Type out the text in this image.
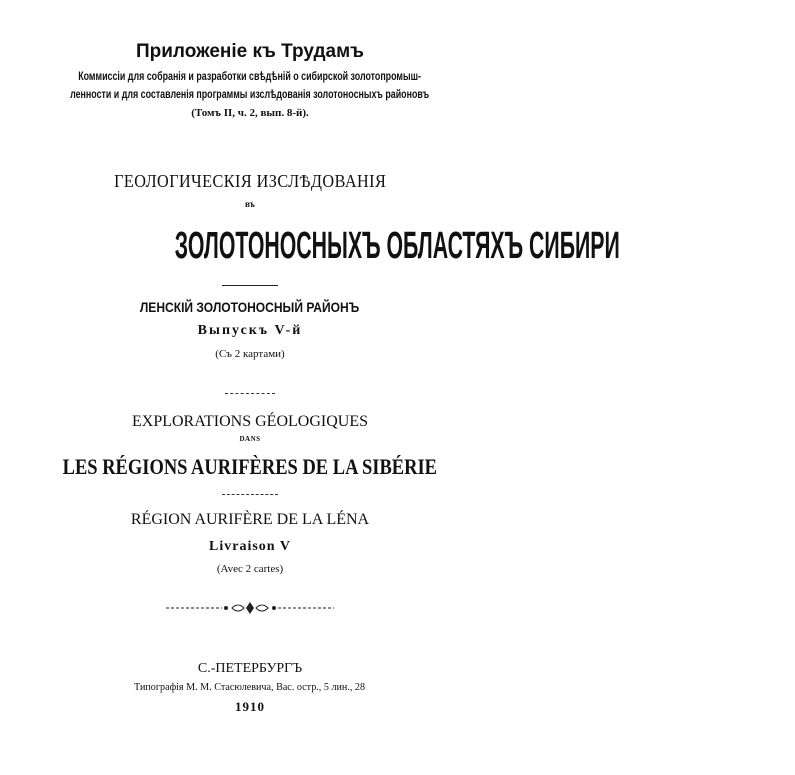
Приложеніе къ Трудамъ
Коммиссіи для собранія и разработки свѣдѣній о сибирской золотопромыш-
ленности и для составленія программы изслѣдованія золотоносныхъ районовъ
(Томъ II, ч. 2, вып. 8-й).
ГЕОЛОГИЧЕСКІЯ ИЗСЛѢДОВАНІЯ
въ
ЗОЛОТОНОСНЫХЪ ОБЛАСТЯХЪ СИБИРИ
ЛЕНСКІЙ ЗОЛОТОНОСНЫЙ РАЙОНЪ
Выпускъ V-й
(Съ 2 картами)
EXPLORATIONS GÉOLOGIQUES
DANS
LES RÉGIONS AURIFÈRES DE LA SIBÉRIE
RÉGION AURIFÈRE DE LA LÉNA
Livraison V
(Avec 2 cartes)
С.-ПЕТЕРБУРГЪ
Типографія М. М. Стасюлевича, Вас. остр., 5 лин., 28
1910
